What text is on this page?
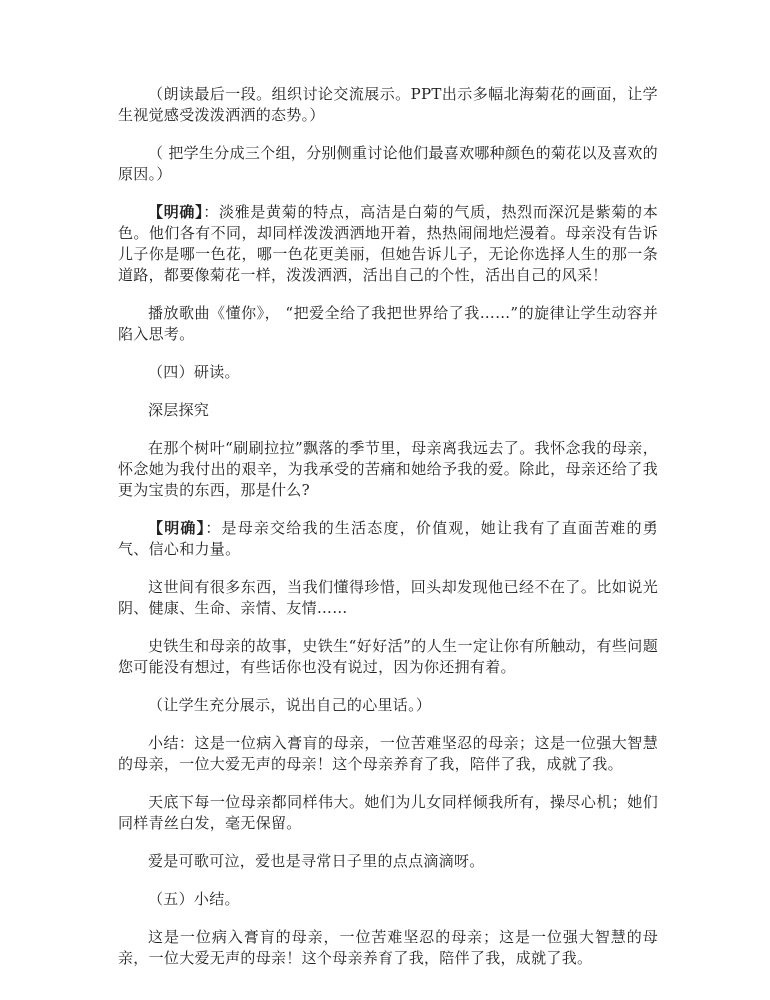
（朗读最后一段。组织讨论交流展示。PPT出示多幅北海菊花的画面，让学生视觉感受泼泼洒洒的态势。）

（ 把学生分成三个组，分别侧重讨论他们最喜欢哪种颜色的菊花以及喜欢的原因。）

【明确】：淡雅是黄菊的特点，高洁是白菊的气质，热烈而深沉是紫菊的本色。他们各有不同，却同样泼泼洒洒地开着，热热闹闹地烂漫着。母亲没有告诉儿子你是哪一色花，哪一色花更美丽，但她告诉儿子，无论你选择人生的那一条道路，都要像菊花一样，泼泼洒洒，活出自己的个性，活出自己的风采！

播放歌曲《懂你》， “把爱全给了我把世界给了我……”的旋律让学生动容并陷入思考。

（四）研读。

深层探究

在那个树叶“刷刷拉拉”飘落的季节里，母亲离我远去了。我怀念我的母亲，怀念她为我付出的艰辛，为我承受的苦痛和她给予我的爱。除此，母亲还给了我更为宝贵的东西，那是什么?

【明确】：是母亲交给我的生活态度，价值观，她让我有了直面苦难的勇气、信心和力量。

这世间有很多东西，当我们懂得珍惜，回头却发现他已经不在了。比如说光阴、健康、生命、亲情、友情……

史铁生和母亲的故事，史铁生“好好活”的人生一定让你有所触动，有些问题您可能没有想过，有些话你也没有说过，因为你还拥有着。

（让学生充分展示，说出自己的心里话。）

小结：这是一位病入膏肓的母亲，一位苦难坚忍的母亲；这是一位强大智慧的母亲，一位大爱无声的母亲！这个母亲养育了我，陪伴了我，成就了我。

天底下每一位母亲都同样伟大。她们为儿女同样倾我所有，操尽心机；她们同样青丝白发，毫无保留。

爱是可歌可泣，爱也是寻常日子里的点点滴滴呀。

（五）小结。

这是一位病入膏肓的母亲，一位苦难坚忍的母亲；这是一位强大智慧的母亲，一位大爱无声的母亲！这个母亲养育了我，陪伴了我，成就了我。
